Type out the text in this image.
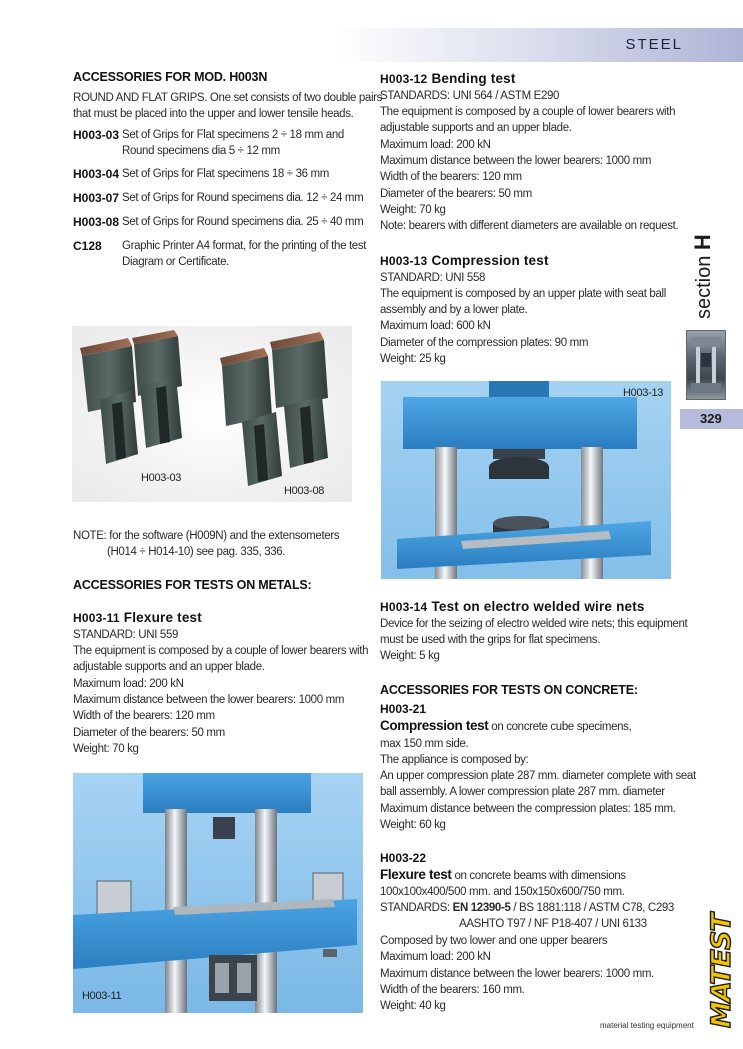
STEEL
section H
329
MATEST
material testing equipment
ACCESSORIES FOR MOD. H003N
ROUND AND FLAT GRIPS. One set consists of two double pairs
that must be placed into the upper and lower tensile heads.
H003-03 Set of Grips for Flat specimens 2 ÷ 18 mm and
Round specimens dia 5 ÷ 12 mm
H003-04 Set of Grips for Flat specimens 18 ÷ 36 mm
H003-07 Set of Grips for Round specimens dia. 12 ÷ 24 mm
H003-08 Set of Grips for Round specimens dia. 25 ÷ 40 mm
C128 Graphic Printer A4 format, for the printing of the test
Diagram or Certificate.
H003-03
H003-08
NOTE: for the software (H009N) and the extensometers
(H014 ÷ H014-10) see pag. 335, 336.
ACCESSORIES FOR TESTS ON METALS:
H003-11 Flexure test
STANDARD: UNI 559
The equipment is composed by a couple of lower bearers with
adjustable supports and an upper blade.
Maximum load: 200 kN
Maximum distance between the lower bearers: 1000 mm
Width of the bearers: 120 mm
Diameter of the bearers: 50 mm
Weight: 70 kg
H003-11
H003-12 Bending test
STANDARDS: UNI 564 / ASTM E290
The equipment is composed by a couple of lower bearers with
adjustable supports and an upper blade.
Maximum load: 200 kN
Maximum distance between the lower bearers: 1000 mm
Width of the bearers: 120 mm
Diameter of the bearers: 50 mm
Weight: 70 kg
Note: bearers with different diameters are available on request.
H003-13 Compression test
STANDARD: UNI 558
The equipment is composed by an upper plate with seat ball
assembly and by a lower plate.
Maximum load: 600 kN
Diameter of the compression plates: 90 mm
Weight: 25 kg
H003-13
H003-14 Test on electro welded wire nets
Device for the seizing of electro welded wire nets; this equipment
must be used with the grips for flat specimens.
Weight: 5 kg
ACCESSORIES FOR TESTS ON CONCRETE:
H003-21
Compression test on concrete cube specimens,
max 150 mm side.
The appliance is composed by:
An upper compression plate 287 mm. diameter complete with seat
ball assembly. A lower compression plate 287 mm. diameter
Maximum distance between the compression plates: 185 mm.
Weight: 60 kg
H003-22
Flexure test on concrete beams with dimensions
100x100x400/500 mm. and 150x150x600/750 mm.
STANDARDS: EN 12390-5 / BS 1881:118 / ASTM C78, C293
AASHTO T97 / NF P18-407 / UNI 6133
Composed by two lower and one upper bearers
Maximum load: 200 kN
Maximum distance between the lower bearers: 1000 mm.
Width of the bearers: 160 mm.
Weight: 40 kg
